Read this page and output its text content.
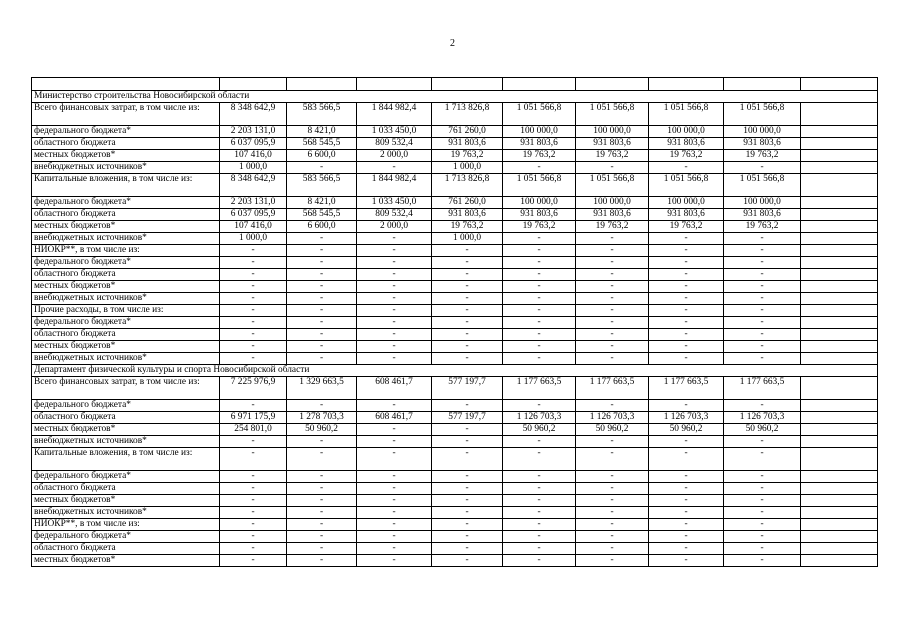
2

Министерство строительства Новосибирской области									
Всего финансовых затрат, в том числе из:	8 348 642,9	583 566,5	1 844 982,4	1 713 826,8	1 051 566,8	1 051 566,8	1 051 566,8	1 051 566,8	
федерального бюджета*	2 203 131,0	8 421,0	1 033 450,0	761 260,0	100 000,0	100 000,0	100 000,0	100 000,0	
областного бюджета	6 037 095,9	568 545,5	809 532,4	931 803,6	931 803,6	931 803,6	931 803,6	931 803,6	
местных бюджетов*	107 416,0	6 600,0	2 000,0	19 763,2	19 763,2	19 763,2	19 763,2	19 763,2	
внебюджетных источников*	1 000,0	-	-	1 000,0	-	-	-	-	
Капитальные вложения, в том числе из:	8 348 642,9	583 566,5	1 844 982,4	1 713 826,8	1 051 566,8	1 051 566,8	1 051 566,8	1 051 566,8	
федерального бюджета*	2 203 131,0	8 421,0	1 033 450,0	761 260,0	100 000,0	100 000,0	100 000,0	100 000,0	
областного бюджета	6 037 095,9	568 545,5	809 532,4	931 803,6	931 803,6	931 803,6	931 803,6	931 803,6	
местных бюджетов*	107 416,0	6 600,0	2 000,0	19 763,2	19 763,2	19 763,2	19 763,2	19 763,2	
внебюджетных источников*	1 000,0	-	-	1 000,0	-	-	-	-	
НИОКР**, в том числе из:	-	-	-	-	-	-	-	-	
федерального бюджета*	-	-	-	-	-	-	-	-	
областного бюджета	-	-	-	-	-	-	-	-	
местных бюджетов*	-	-	-	-	-	-	-	-	
внебюджетных источников*	-	-	-	-	-	-	-	-	
Прочие расходы, в том числе из:	-	-	-	-	-	-	-	-	
федерального бюджета*	-	-	-	-	-	-	-	-	
областного бюджета	-	-	-	-	-	-	-	-	
местных бюджетов*	-	-	-	-	-	-	-	-	
внебюджетных источников*	-	-	-	-	-	-	-	-	
Департамент физической культуры и спорта Новосибирской области									
Всего финансовых затрат, в том числе из:	7 225 976,9	1 329 663,5	608 461,7	577 197,7	1 177 663,5	1 177 663,5	1 177 663,5	1 177 663,5	
федерального бюджета*	-	-	-	-	-	-	-	-	
областного бюджета	6 971 175,9	1 278 703,3	608 461,7	577 197,7	1 126 703,3	1 126 703,3	1 126 703,3	1 126 703,3	
местных бюджетов*	254 801,0	50 960,2	-	-	50 960,2	50 960,2	50 960,2	50 960,2	
внебюджетных источников*	-	-	-	-	-	-	-	-	
Капитальные вложения, в том числе из:	-	-	-	-	-	-	-	-	
федерального бюджета*	-	-	-	-	-	-	-	-	
областного бюджета	-	-	-	-	-	-	-	-	
местных бюджетов*	-	-	-	-	-	-	-	-	
внебюджетных источников*	-	-	-	-	-	-	-	-	
НИОКР**, в том числе из:	-	-	-	-	-	-	-	-	
федерального бюджета*	-	-	-	-	-	-	-	-	
областного бюджета	-	-	-	-	-	-	-	-	
местных бюджетов*	-	-	-	-	-	-	-	-	
